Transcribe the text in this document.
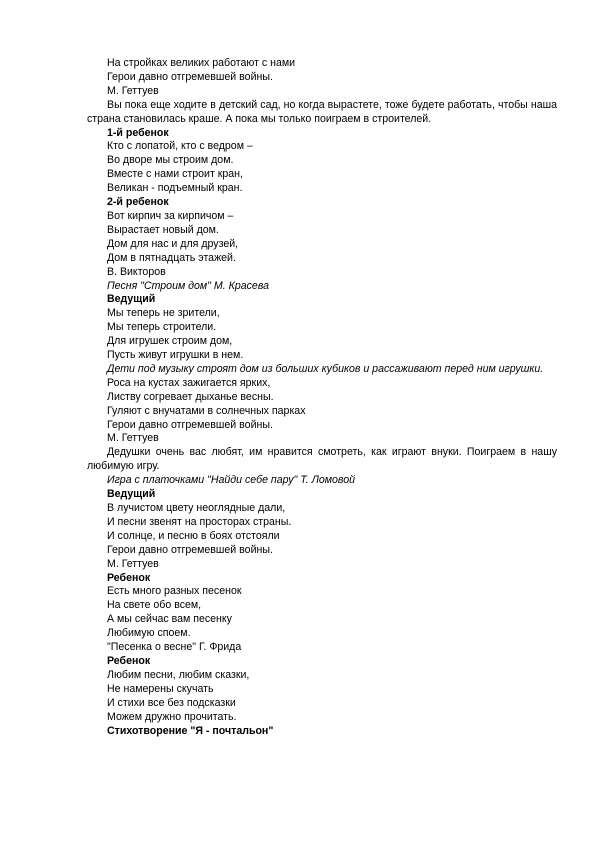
На стройках великих работают с нами

Герои давно отгремевшей войны.

М. Геттуев

Вы пока еще ходите в детский сад, но когда вырастете, тоже будете работать, чтобы наша страна становилась краше. А пока мы только поиграем в строителей.

1-й ребенок

Кто с лопатой, кто с ведром –

Во дворе мы строим дом.

Вместе с нами строит кран,

Великан - подъемный кран.

2-й ребенок

Вот кирпич за кирпичом –

Вырастает новый дом.

Дом для нас и для друзей,

Дом в пятнадцать этажей.

В. Викторов

Песня "Строим дом" М. Красева

Ведущий

Мы теперь не зрители,

Мы теперь строители.

Для игрушек строим дом,

Пусть живут игрушки в нем.

Дети под музыку строят дом из больших кубиков и рассаживают перед ним игрушки.

Роса на кустах зажигается ярких,

Листву согревает дыханье весны.

Гуляют с внучатами в солнечных парках

Герои давно отгремевшей войны.

М. Геттуев

Дедушки очень вас любят, им нравится смотреть, как играют внуки. Поиграем в нашу любимую игру.

Игра с платочками "Найди себе пару" Т. Ломовой

Ведущий

В лучистом цвету неоглядные дали,

И песни звенят на просторах страны.

И солнце, и песню в боях отстояли

Герои давно отгремевшей войны.

М. Геттуев

Ребенок

Есть много разных песенок

На свете обо всем,

А мы сейчас вам песенку

Любимую споем.

"Песенка о весне" Г. Фрида

Ребенок

Любим песни, любим сказки,

Не намерены скучать

И стихи все без подсказки

Можем дружно прочитать.

Стихотворение "Я - почтальон"
